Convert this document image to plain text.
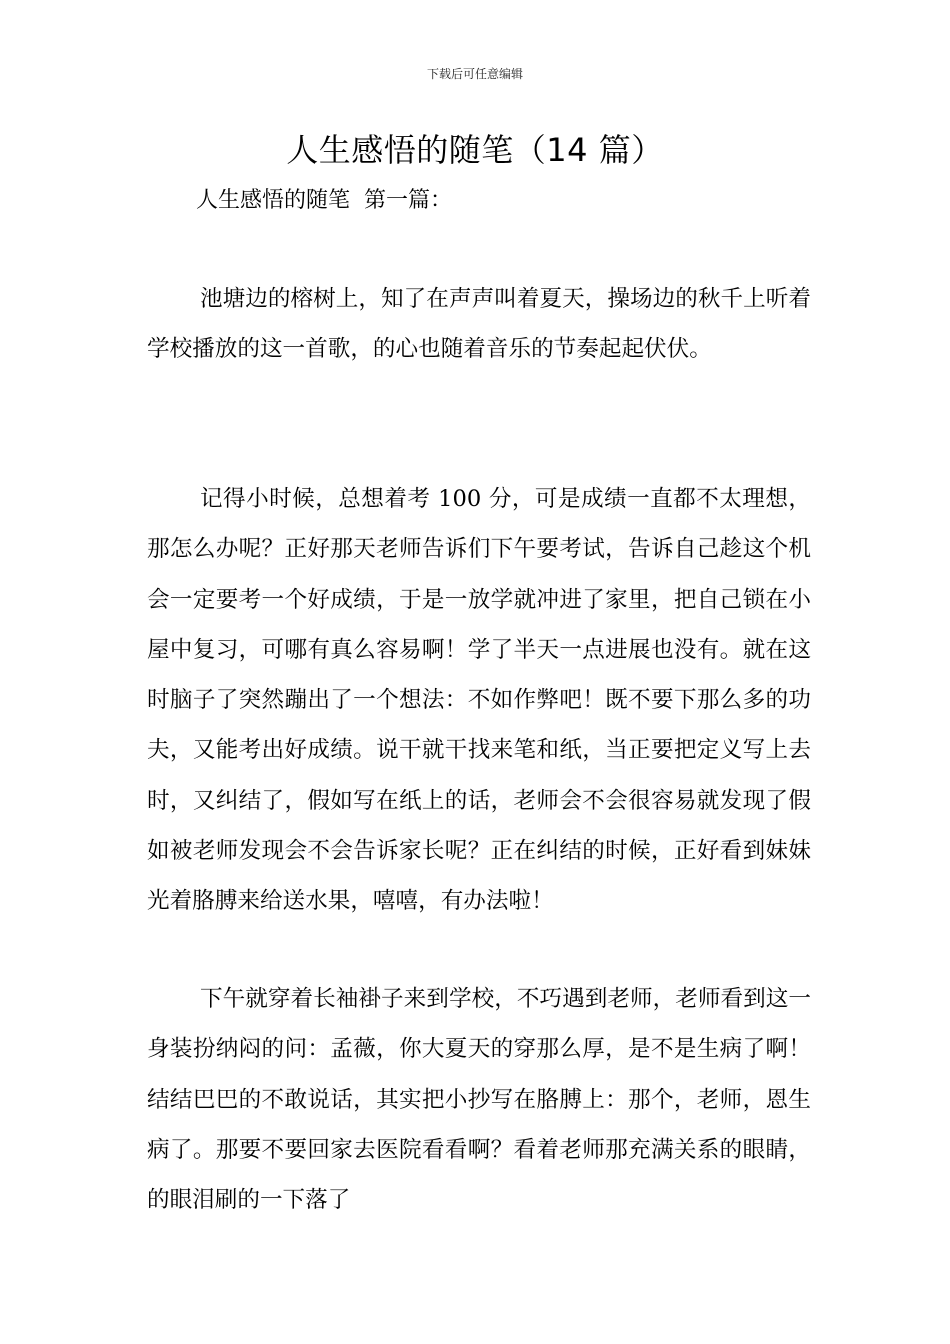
下载后可任意编辑
人生感悟的随笔（14 篇）
人生感悟的随笔  第一篇：

池塘边的榕树上，知了在声声叫着夏天，操场边的秋千上听着学校播放的这一首歌，的心也随着音乐的节奏起起伏伏。

记得小时候，总想着考 100 分，可是成绩一直都不太理想，那怎么办呢？正好那天老师告诉们下午要考试，告诉自己趁这个机会一定要考一个好成绩，于是一放学就冲进了家里，把自己锁在小屋中复习，可哪有真么容易啊！学了半天一点进展也没有。就在这时脑子了突然蹦出了一个想法：不如作弊吧！既不要下那么多的功夫，又能考出好成绩。说干就干找来笔和纸，当正要把定义写上去时，又纠结了，假如写在纸上的话，老师会不会很容易就发现了假如被老师发现会不会告诉家长呢？正在纠结的时候，正好看到妹妹光着胳膊来给送水果，嘻嘻，有办法啦！

下午就穿着长袖褂子来到学校，不巧遇到老师，老师看到这一身装扮纳闷的问：孟薇，你大夏天的穿那么厚，是不是生病了啊！结结巴巴的不敢说话，其实把小抄写在胳膊上：那个，老师，恩生病了。那要不要回家去医院看看啊？看着老师那充满关系的眼睛，的眼泪刷的一下落了
